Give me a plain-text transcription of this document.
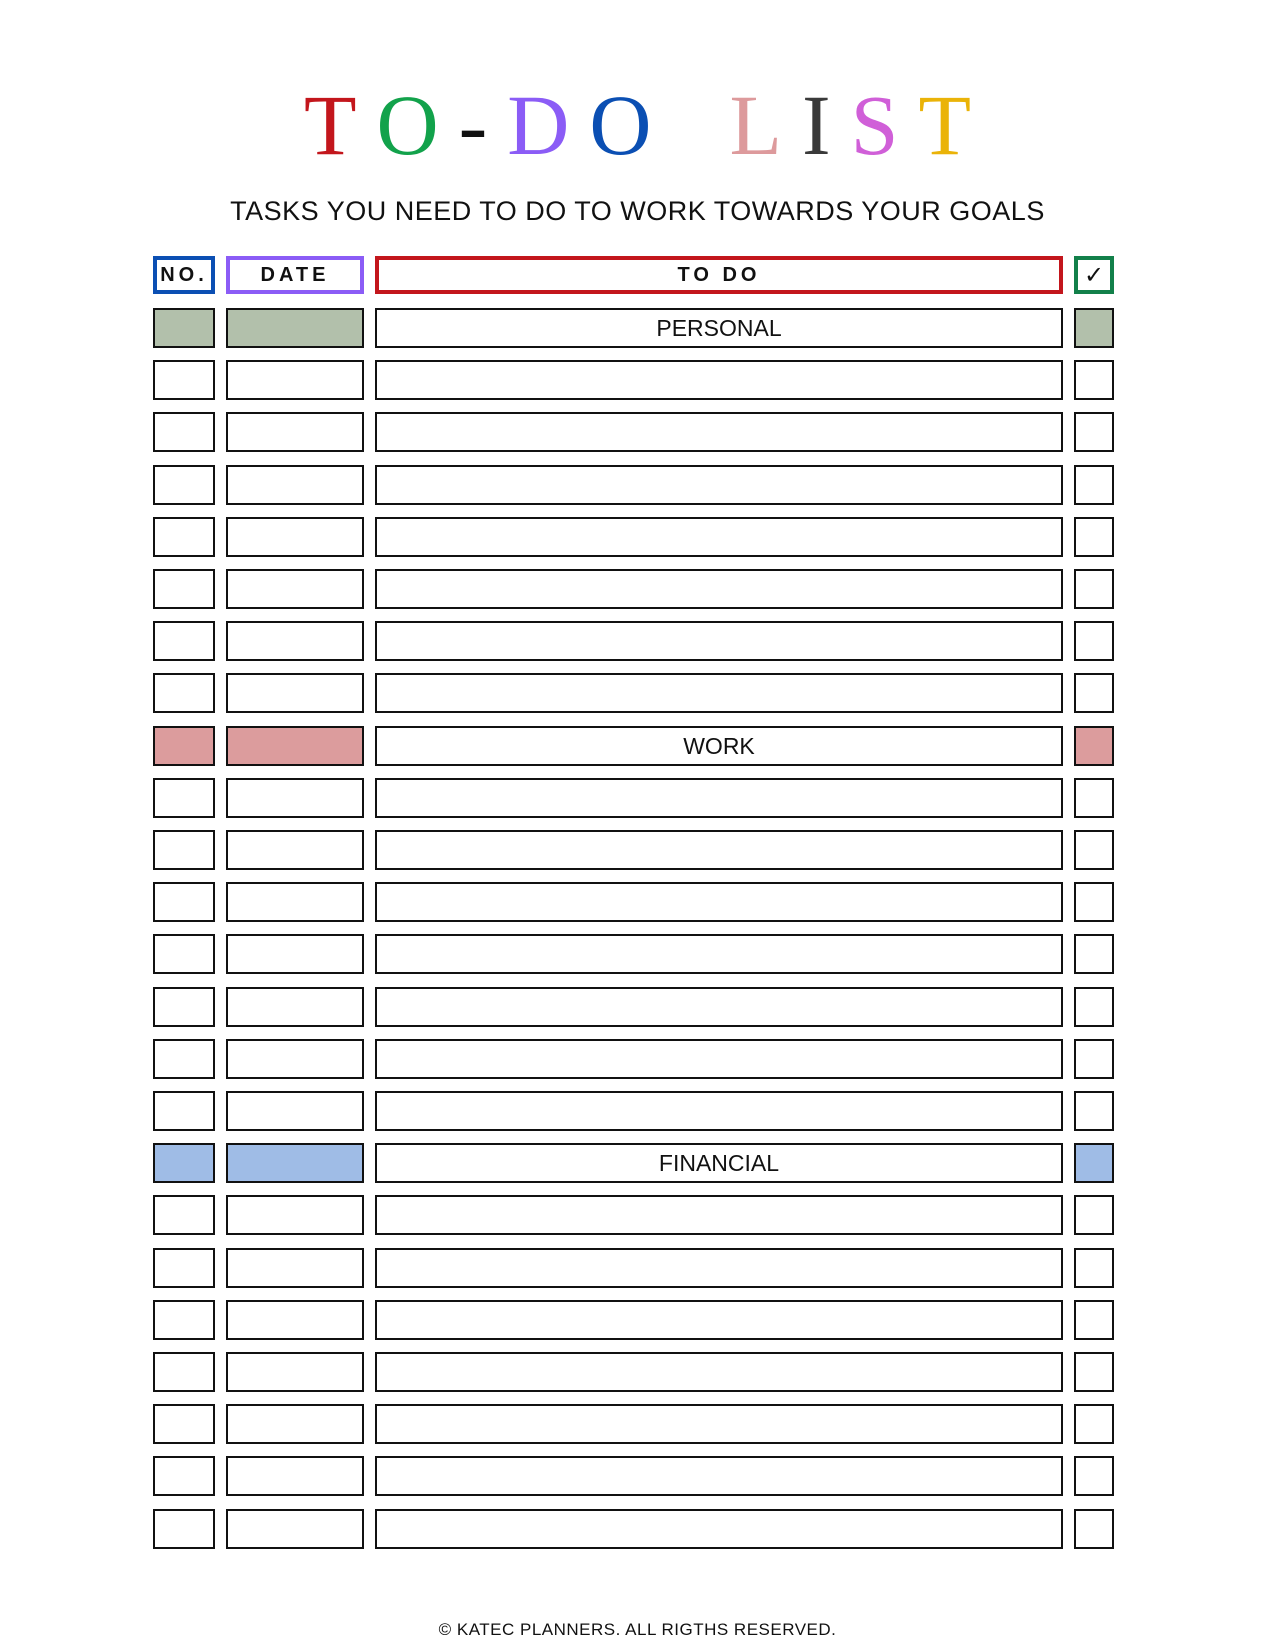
T O - D O L I S T
TASKS YOU NEED TO DO TO WORK TOWARDS YOUR GOALS
NO.	DATE	TO DO	✓
PERSONAL
WORK
FINANCIAL
© KATEC PLANNERS. ALL RIGTHS RESERVED.
